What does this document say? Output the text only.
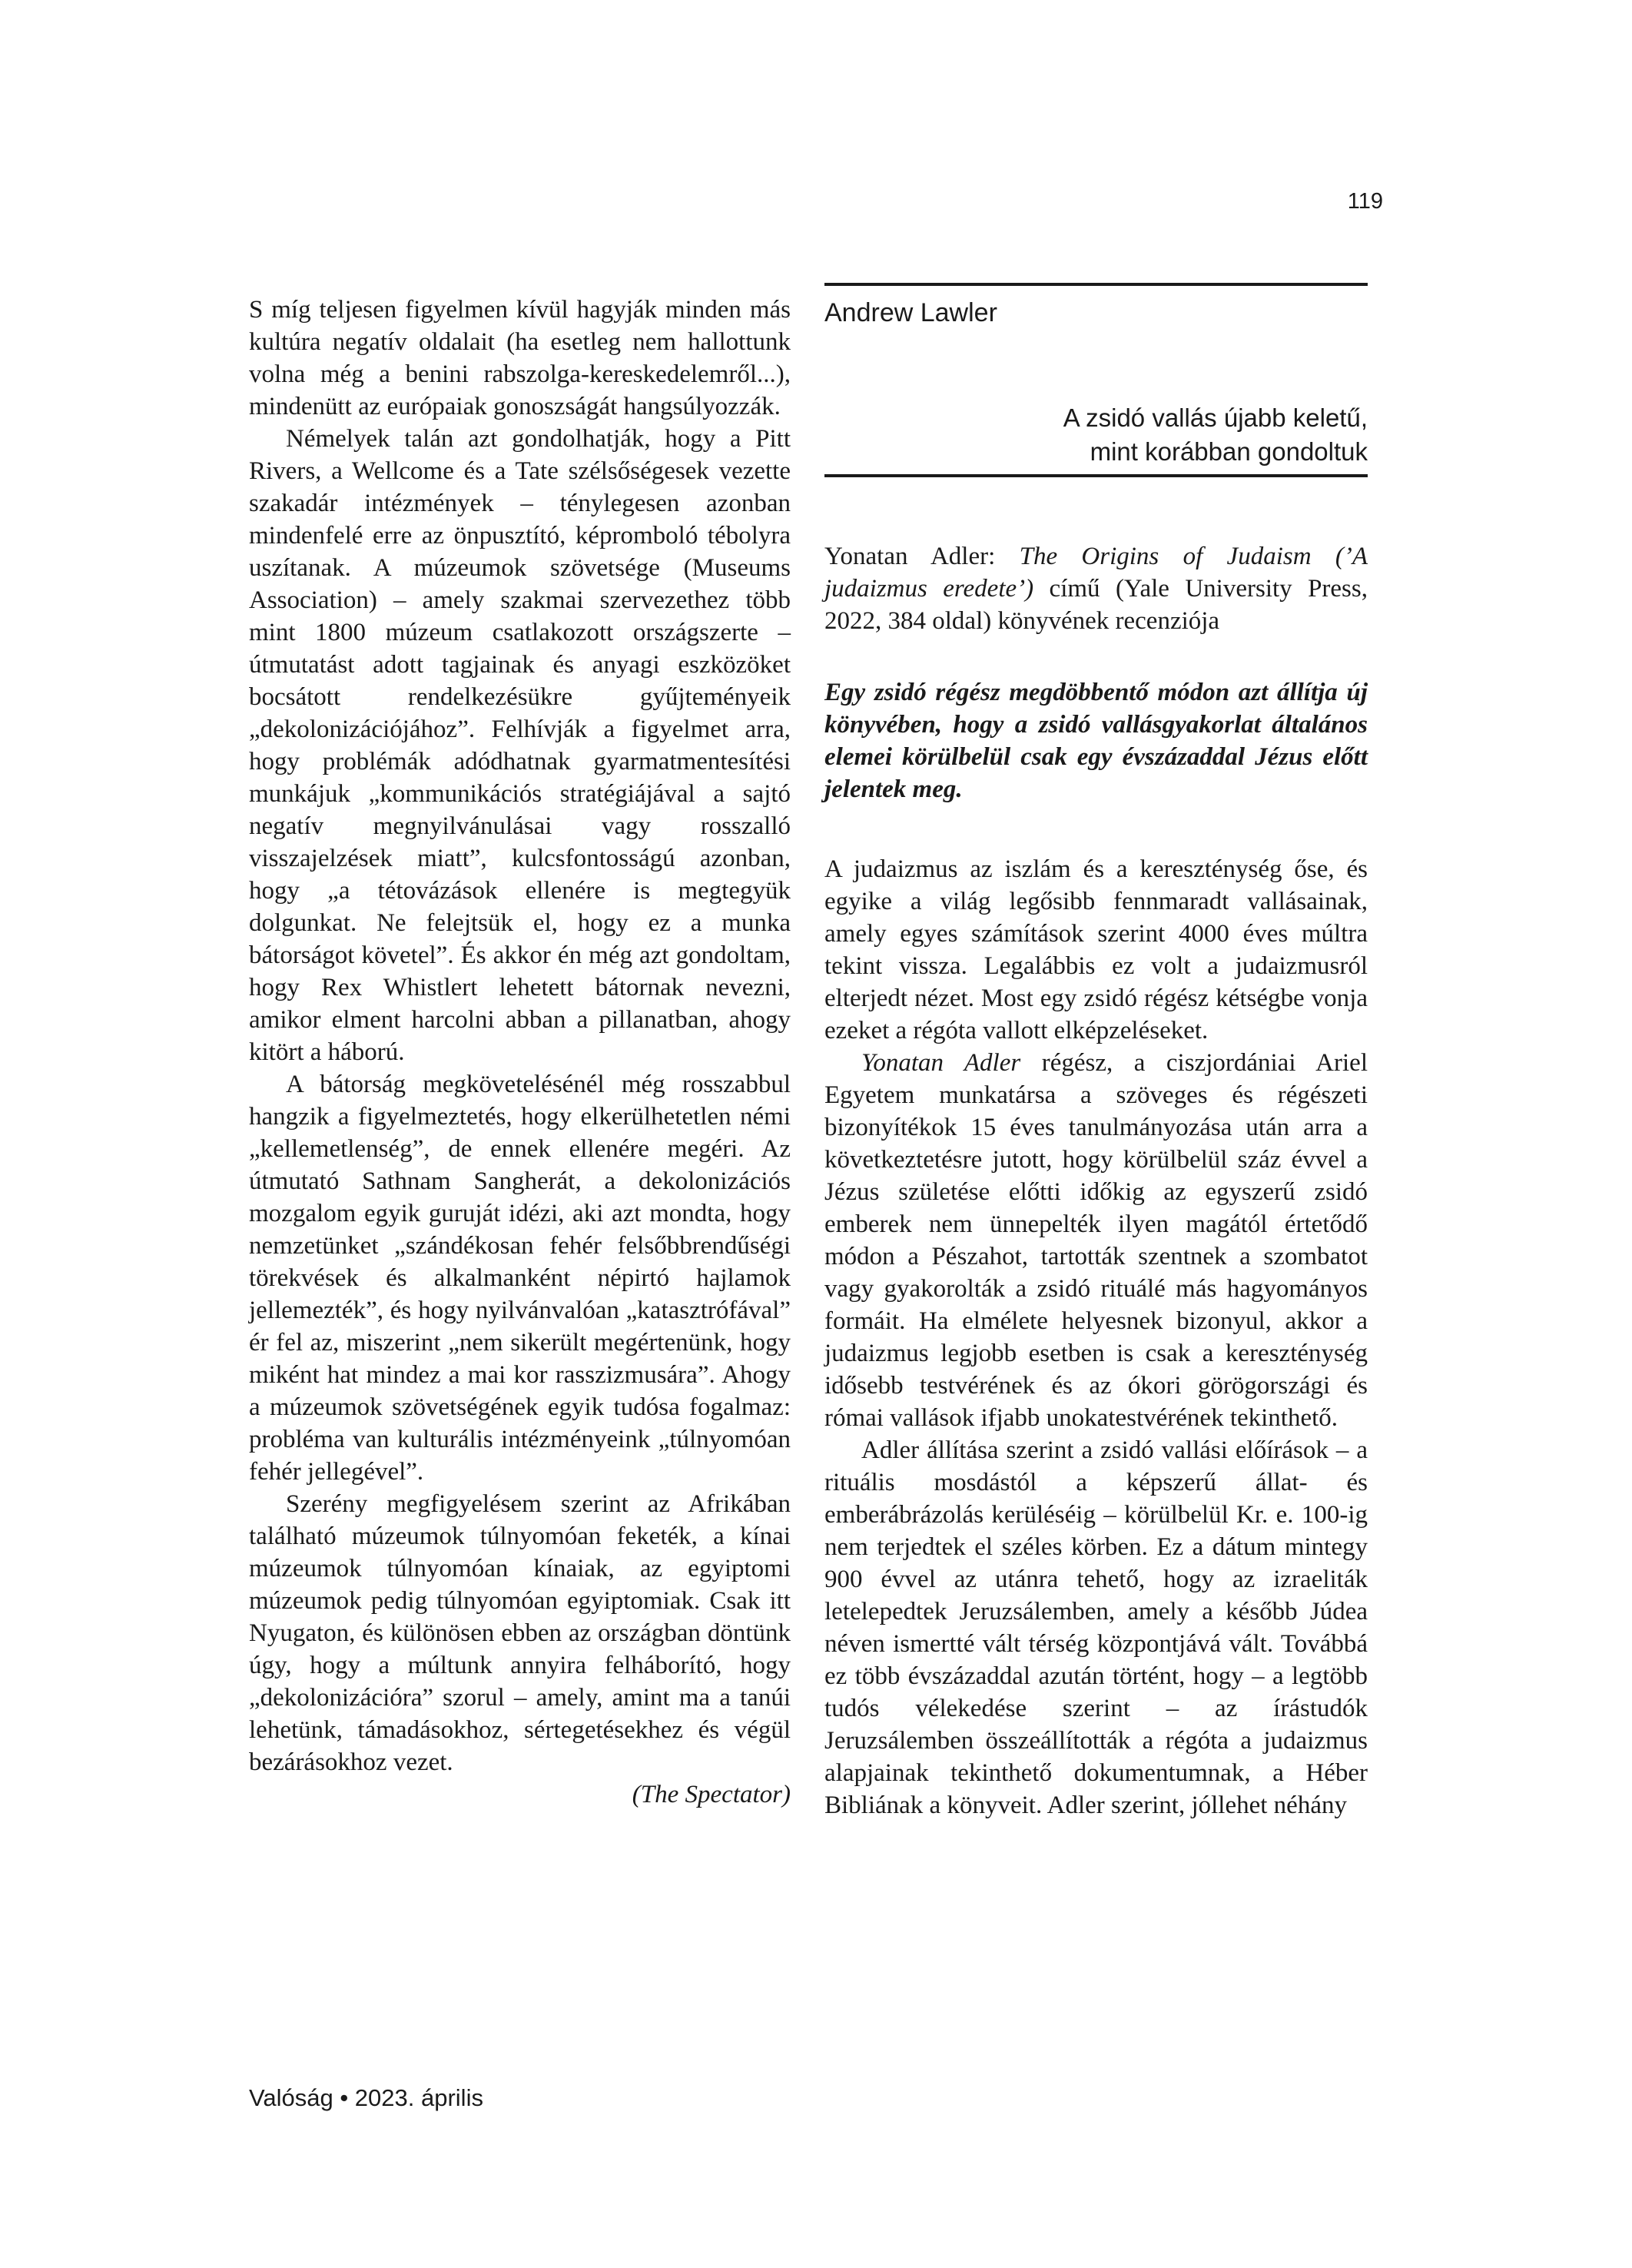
119

S míg teljesen figyelmen kívül hagyják minden más kultúra negatív oldalait (ha esetleg nem hallottunk volna még a benini rabszolga-kereskedelemről...), mindenütt az európaiak gonoszságát hangsúlyozzák.

Némelyek talán azt gondolhatják, hogy a Pitt Rivers, a Wellcome és a Tate szélsőségesek vezette szakadár intézmények – ténylegesen azonban mindenfelé erre az önpusztító, képromboló tébolyra uszítanak. A múzeumok szövetsége (Museums Association) – amely szakmai szervezethez több mint 1800 múzeum csatlakozott országszerte – útmutatást adott tagjainak és anyagi eszközöket bocsátott rendelkezésükre gyűjteményeik „dekolonizációjához”. Felhívják a figyelmet arra, hogy problémák adódhatnak gyarmatmentesítési munkájuk „kommunikációs stratégiájával a sajtó negatív megnyilvánulásai vagy rosszalló visszajelzések miatt”, kulcsfontosságú azonban, hogy „a tétovázások ellenére is megtegyük dolgunkat. Ne felejtsük el, hogy ez a munka bátorságot követel”. És akkor én még azt gondoltam, hogy Rex Whistlert lehetett bátornak nevezni, amikor elment harcolni abban a pillanatban, ahogy kitört a háború.

A bátorság megkövetelésénél még rosszabbul hangzik a figyelmeztetés, hogy elkerülhetetlen némi „kellemetlenség”, de ennek ellenére megéri. Az útmutató Sathnam Sangherát, a dekolonizációs mozgalom egyik guruját idézi, aki azt mondta, hogy nemzetünket „szándékosan fehér felsőbbrendűségi törekvések és alkalmanként népirtó hajlamok jellemezték”, és hogy nyilvánvalóan „katasztrófával” ér fel az, miszerint „nem sikerült megértenünk, hogy miként hat mindez a mai kor rasszizmusára”. Ahogy a múzeumok szövetségének egyik tudósa fogalmaz: probléma van kulturális intézményeink „túlnyomóan fehér jellegével”.

Szerény megfigyelésem szerint az Afrikában található múzeumok túlnyomóan feketék, a kínai múzeumok túlnyomóan kínaiak, az egyiptomi múzeumok pedig túlnyomóan egyiptomiak. Csak itt Nyugaton, és különösen ebben az országban döntünk úgy, hogy a múltunk annyira felháborító, hogy „dekolonizációra” szorul – amely, amint ma a tanúi lehetünk, támadásokhoz, sértegetésekhez és végül bezárásokhoz vezet.

(The Spectator)

Andrew Lawler
A zsidó vallás újabb keletű,
mint korábban gondoltuk
Yonatan Adler: The Origins of Judaism (’A judaizmus eredete’) című (Yale University Press, 2022, 384 oldal) könyvének recenziója
Egy zsidó régész megdöbbentő módon azt állítja új könyvében, hogy a zsidó vallásgyakorlat általános elemei körülbelül csak egy évszázaddal Jézus előtt jelentek meg.

A judaizmus az iszlám és a kereszténység őse, és egyike a világ legősibb fennmaradt vallásainak, amely egyes számítások szerint 4000 éves múltra tekint vissza. Legalábbis ez volt a judaizmusról elterjedt nézet. Most egy zsidó régész kétségbe vonja ezeket a régóta vallott elképzeléseket.

Yonatan Adler régész, a ciszjordániai Ariel Egyetem munkatársa a szöveges és régészeti bizonyítékok 15 éves tanulmányozása után arra a következtetésre jutott, hogy körülbelül száz évvel a Jézus születése előtti időkig az egyszerű zsidó emberek nem ünnepelték ilyen magától értetődő módon a Pészahot, tartották szentnek a szombatot vagy gyakorolták a zsidó rituálé más hagyományos formáit. Ha elmélete helyesnek bizonyul, akkor a judaizmus legjobb esetben is csak a kereszténység idősebb testvérének és az ókori görögországi és római vallások ifjabb unokatestvérének tekinthető.

Adler állítása szerint a zsidó vallási előírások – a rituális mosdástól a képszerű állat- és emberábrázolás kerüléséig – körülbelül Kr. e. 100-ig nem terjedtek el széles körben. Ez a dátum mintegy 900 évvel az utánra tehető, hogy az izraeliták letelepedtek Jeruzsálemben, amely a később Júdea néven ismertté vált térség központjává vált. Továbbá ez több évszázaddal azután történt, hogy – a legtöbb tudós vélekedése szerint – az írástudók Jeruzsálemben összeállították a régóta a judaizmus alapjainak tekinthető dokumentumnak, a Héber Bibliának a könyveit. Adler szerint, jóllehet néhány

Valóság • 2023. április
